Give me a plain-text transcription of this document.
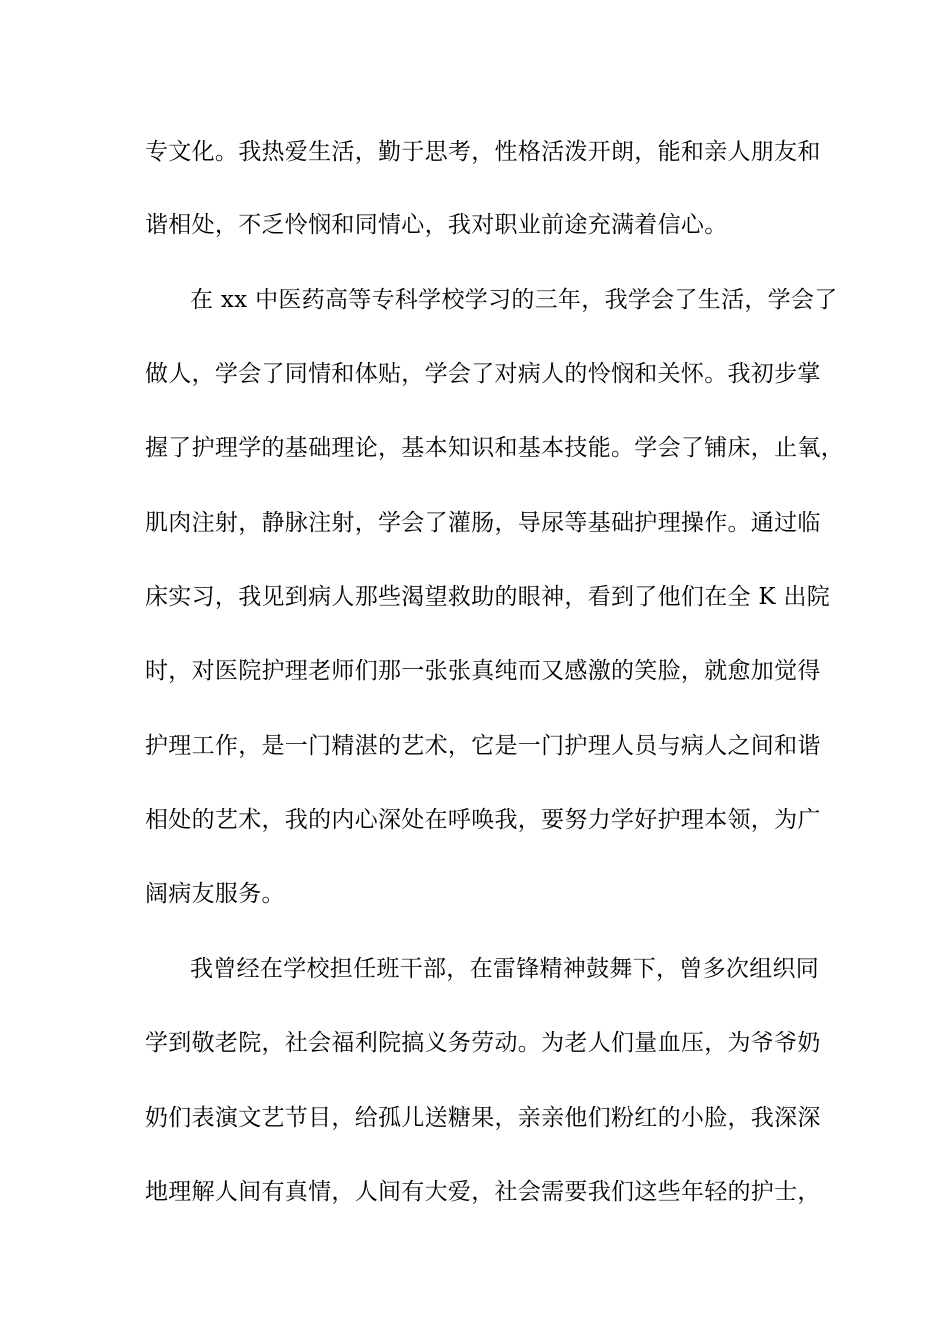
专文化。我热爱生活，勤于思考，性格活泼开朗，能和亲人朋友和
谐相处，不乏怜悯和同情心，我对职业前途充满着信心。
在 xx 中医药高等专科学校学习的三年，我学会了生活，学会了
做人，学会了同情和体贴，学会了对病人的怜悯和关怀。我初步掌
握了护理学的基础理论，基本知识和基本技能。学会了铺床，止氧，
肌肉注射，静脉注射，学会了灌肠，导尿等基础护理操作。通过临
床实习，我见到病人那些渴望救助的眼神，看到了他们在全 K 出院
时，对医院护理老师们那一张张真纯而又感激的笑脸，就愈加觉得
护理工作，是一门精湛的艺术，它是一门护理人员与病人之间和谐
相处的艺术，我的内心深处在呼唤我，要努力学好护理本领，为广
阔病友服务。
我曾经在学校担任班干部，在雷锋精神鼓舞下，曾多次组织同
学到敬老院，社会福利院搞义务劳动。为老人们量血压，为爷爷奶
奶们表演文艺节目，给孤儿送糖果，亲亲他们粉红的小脸，我深深
地理解人间有真情，人间有大爱，社会需要我们这些年轻的护士，
